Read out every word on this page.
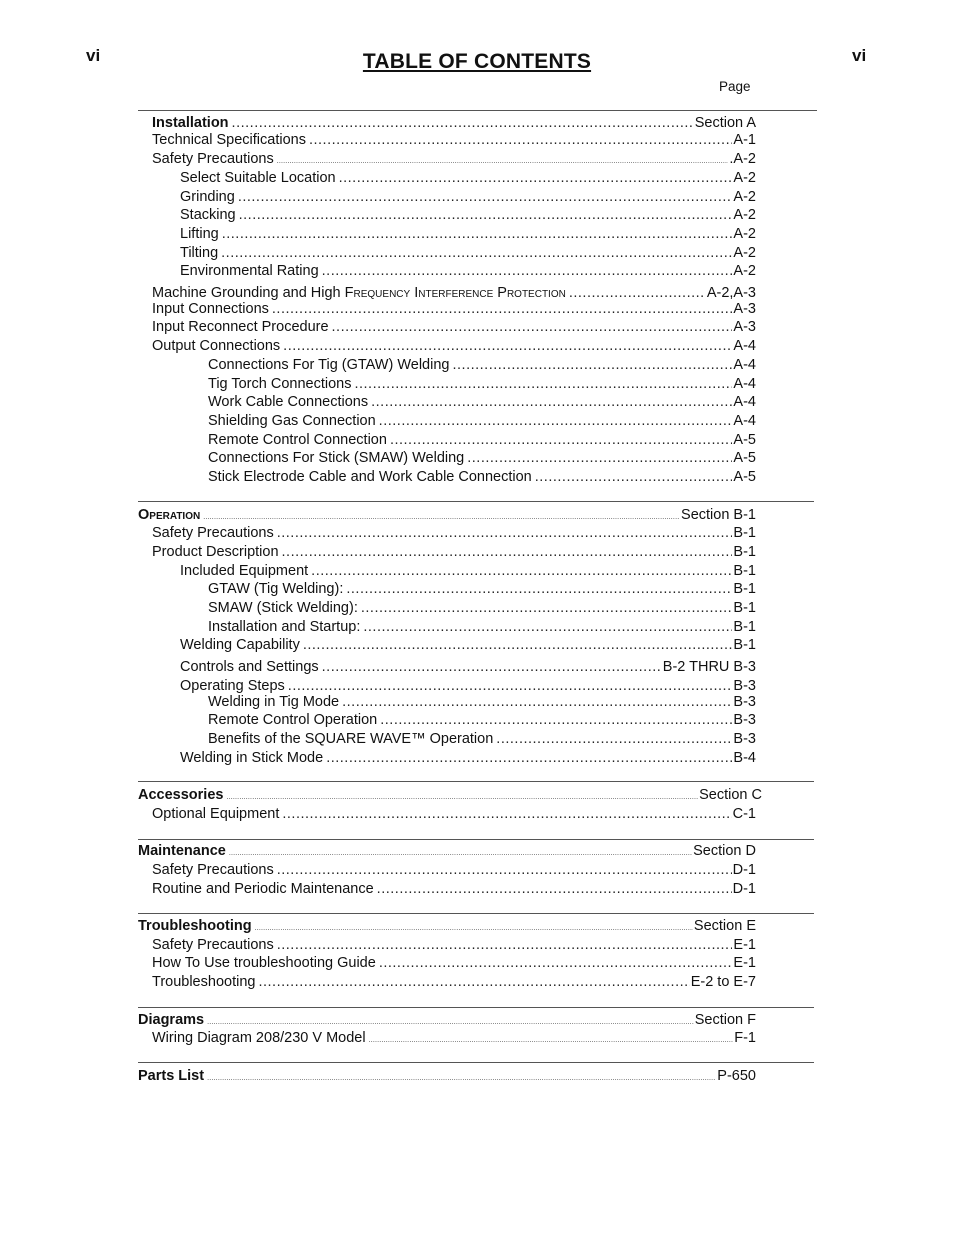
vi	vi
TABLE OF CONTENTS
Page
Installation .....	Section A
Technical Specifications .....	A-1
Safety Precautions .....	.A-2
Select Suitable Location .....	A-2
Grinding .....	A-2
Stacking .....	A-2
Lifting .....	A-2
Tilting .....	A-2
Environmental Rating .....	A-2
Machine Grounding and High Frequency Interference Protection .....	A-2,A-3
Input Connections .....	A-3
Input Reconnect Procedure .....	A-3
Output Connections .....	A-4
Connections For Tig (GTAW) Welding .....	A-4
Tig Torch Connections .....	A-4
Work Cable Connections .....	A-4
Shielding Gas Connection .....	A-4
Remote Control Connection .....	A-5
Connections For Stick (SMAW) Welding .....	A-5
Stick Electrode Cable and Work Cable Connection .....	A-5
Operation .....	Section B-1
Safety Precautions .....	B-1
Product Description .....	B-1
Included Equipment .....	B-1
GTAW (Tig Welding): .....	B-1
SMAW (Stick Welding): .....	B-1
Installation and Startup: .....	B-1
Welding Capability .....	B-1
Controls and Settings .....	B-2 THRU B-3
Operating Steps .....	B-3
Welding in Tig Mode .....	B-3
Remote Control Operation .....	B-3
Benefits of the SQUARE WAVE™ Operation .....	B-3
Welding in Stick Mode .....	B-4
Accessories .....	Section C
Optional Equipment .....	C-1
Maintenance .....	Section D
Safety Precautions .....	D-1
Routine and Periodic Maintenance .....	D-1
Troubleshooting .....	Section E
Safety Precautions .....	E-1
How To Use troubleshooting Guide .....	E-1
Troubleshooting .....	E-2 to E-7
Diagrams .....	Section F
Wiring Diagram 208/230 V Model .....	F-1
Parts List .....	P-650
